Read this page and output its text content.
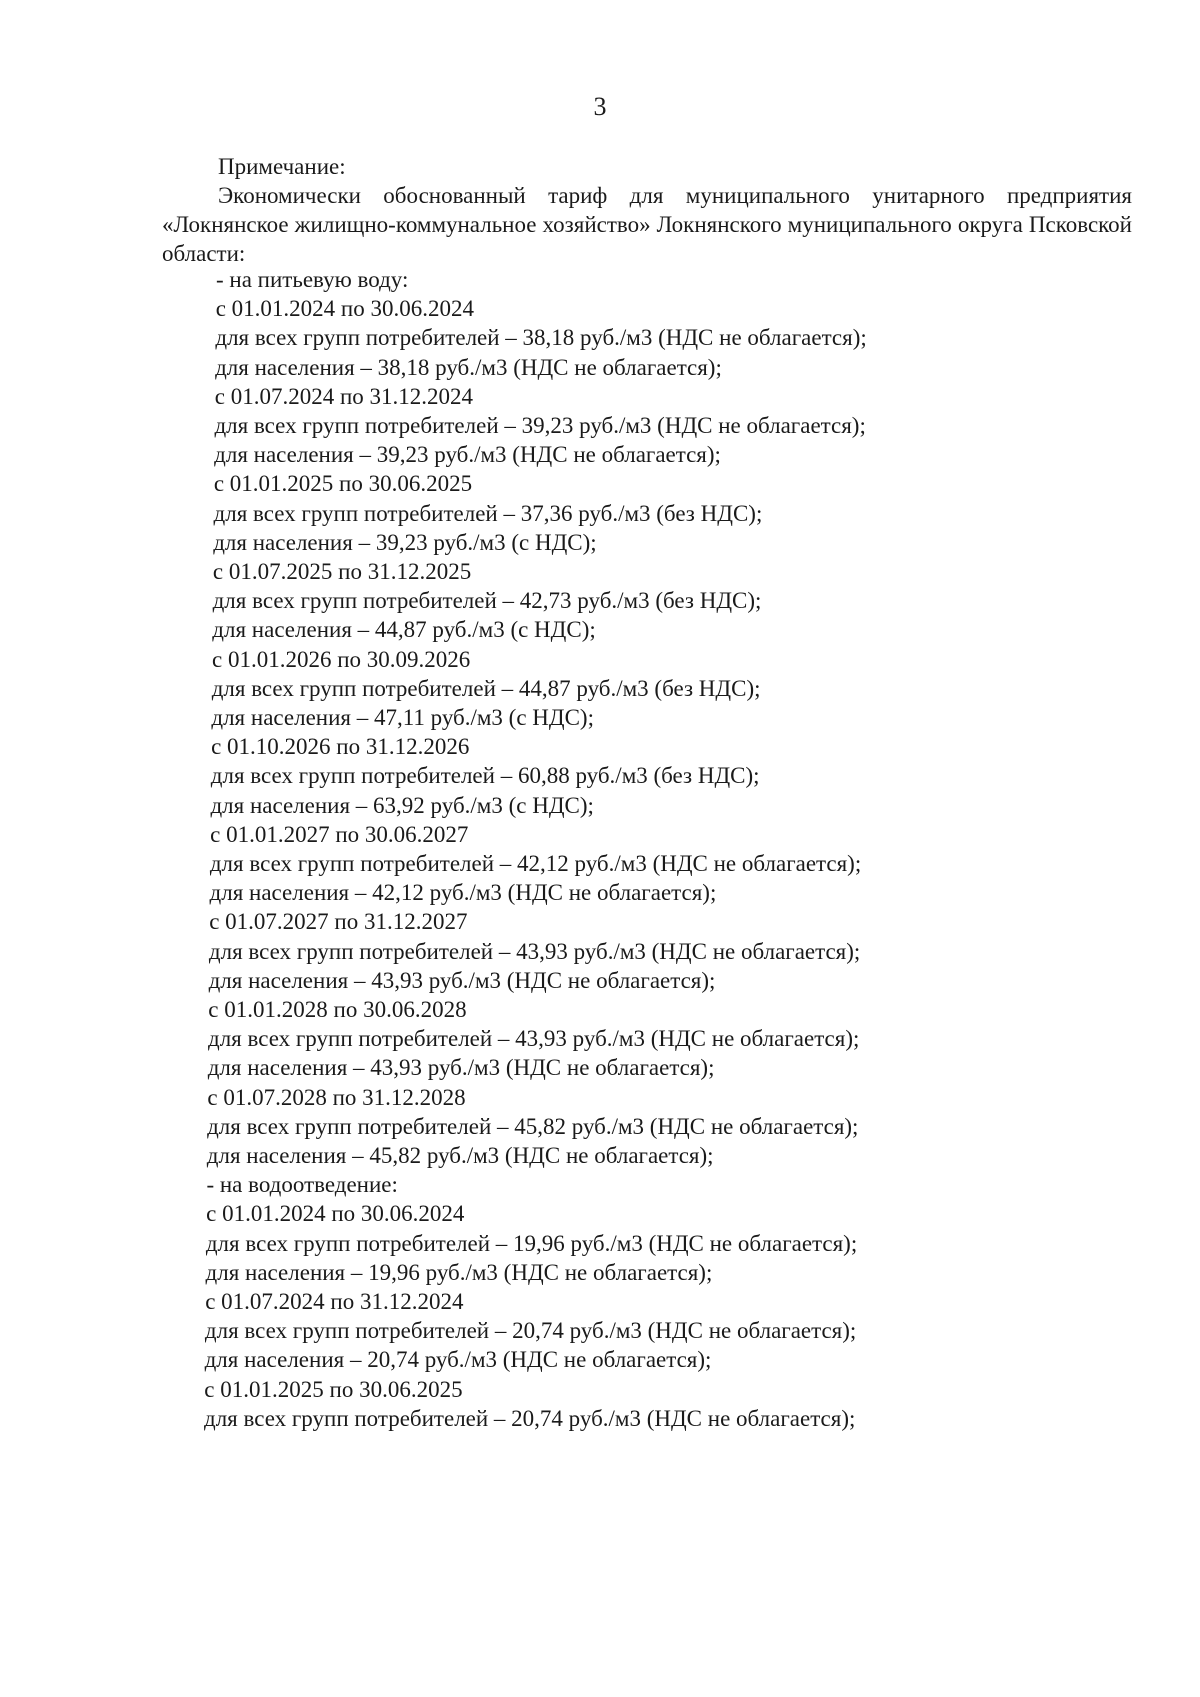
3
Примечание:

Экономически обоснованный тариф для муниципального унитарного предприятия «Локнянское жилищно-коммунальное хозяйство» Локнянского муниципального округа Псковской области:

- на питьевую воду:
с 01.01.2024 по 30.06.2024
для всех групп потребителей – 38,18 руб./м3 (НДС не облагается);
для населения – 38,18 руб./м3 (НДС не облагается);
с 01.07.2024 по 31.12.2024
для всех групп потребителей – 39,23 руб./м3 (НДС не облагается);
для населения – 39,23 руб./м3 (НДС не облагается);
с 01.01.2025 по 30.06.2025
для всех групп потребителей – 37,36 руб./м3 (без НДС);
для населения – 39,23 руб./м3 (с НДС);
с 01.07.2025 по 31.12.2025
для всех групп потребителей – 42,73 руб./м3 (без НДС);
для населения – 44,87 руб./м3 (с НДС);
с 01.01.2026 по 30.09.2026
для всех групп потребителей – 44,87 руб./м3 (без НДС);
для населения – 47,11 руб./м3 (с НДС);
с 01.10.2026 по 31.12.2026
для всех групп потребителей – 60,88 руб./м3 (без НДС);
для населения – 63,92 руб./м3 (с НДС);
с 01.01.2027 по 30.06.2027
для всех групп потребителей – 42,12 руб./м3 (НДС не облагается);
для населения – 42,12 руб./м3 (НДС не облагается);
с 01.07.2027 по 31.12.2027
для всех групп потребителей – 43,93 руб./м3 (НДС не облагается);
для населения – 43,93 руб./м3 (НДС не облагается);
с 01.01.2028 по 30.06.2028
для всех групп потребителей – 43,93 руб./м3 (НДС не облагается);
для населения – 43,93 руб./м3 (НДС не облагается);
с 01.07.2028 по 31.12.2028
для всех групп потребителей – 45,82 руб./м3 (НДС не облагается);
для населения – 45,82 руб./м3 (НДС не облагается);
- на водоотведение:
с 01.01.2024 по 30.06.2024
для всех групп потребителей – 19,96 руб./м3 (НДС не облагается);
для населения – 19,96 руб./м3 (НДС не облагается);
с 01.07.2024 по 31.12.2024
для всех групп потребителей – 20,74 руб./м3 (НДС не облагается);
для населения – 20,74 руб./м3 (НДС не облагается);
с 01.01.2025 по 30.06.2025
для всех групп потребителей – 20,74 руб./м3 (НДС не облагается);
